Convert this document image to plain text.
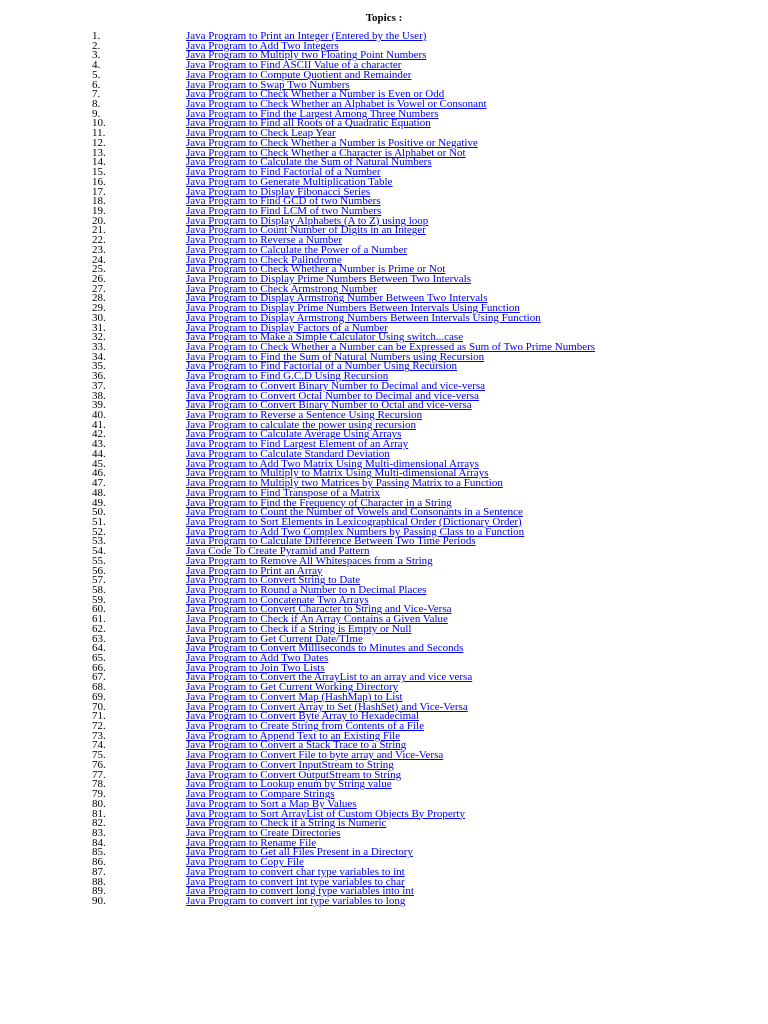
Topics :
1.	Java Program to Print an Integer (Entered by the User)
2.	Java Program to Add Two Integers
3.	Java Program to Multiply two Floating Point Numbers
4.	Java Program to Find ASCII Value of a character
5.	Java Program to Compute Quotient and Remainder
6.	Java Program to Swap Two Numbers
7.	Java Program to Check Whether a Number is Even or Odd
8.	Java Program to Check Whether an Alphabet is Vowel or Consonant
9.	Java Program to Find the Largest Among Three Numbers
10.	Java Program to Find all Roots of a Quadratic Equation
11.	Java Program to Check Leap Year
12.	Java Program to Check Whether a Number is Positive or Negative
13.	Java Program to Check Whether a Character is Alphabet or Not
14.	Java Program to Calculate the Sum of Natural Numbers
15.	Java Program to Find Factorial of a Number
16.	Java Program to Generate Multiplication Table
17.	Java Program to Display Fibonacci Series
18.	Java Program to Find GCD of two Numbers
19.	Java Program to Find LCM of two Numbers
20.	Java Program to Display Alphabets (A to Z) using loop
21.	Java Program to Count Number of Digits in an Integer
22.	Java Program to Reverse a Number
23.	Java Program to Calculate the Power of a Number
24.	Java Program to Check Palindrome
25.	Java Program to Check Whether a Number is Prime or Not
26.	Java Program to Display Prime Numbers Between Two Intervals
27.	Java Program to Check Armstrong Number
28.	Java Program to Display Armstrong Number Between Two Intervals
29.	Java Program to Display Prime Numbers Between Intervals Using Function
30.	Java Program to Display Armstrong Numbers Between Intervals Using Function
31.	Java Program to Display Factors of a Number
32.	Java Program to Make a Simple Calculator Using switch...case
33.	Java Program to Check Whether a Number can be Expressed as Sum of Two Prime Numbers
34.	Java Program to Find the Sum of Natural Numbers using Recursion
35.	Java Program to Find Factorial of a Number Using Recursion
36.	Java Program to Find G.C.D Using Recursion
37.	Java Program to Convert Binary Number to Decimal and vice-versa
38.	Java Program to Convert Octal Number to Decimal and vice-versa
39.	Java Program to Convert Binary Number to Octal and vice-versa
40.	Java Program to Reverse a Sentence Using Recursion
41.	Java Program to calculate the power using recursion
42.	Java Program to Calculate Average Using Arrays
43.	Java Program to Find Largest Element of an Array
44.	Java Program to Calculate Standard Deviation
45.	Java Program to Add Two Matrix Using Multi-dimensional Arrays
46.	Java Program to Multiply to Matrix Using Multi-dimensional Arrays
47.	Java Program to Multiply two Matrices by Passing Matrix to a Function
48.	Java Program to Find Transpose of a Matrix
49.	Java Program to Find the Frequency of Character in a String
50.	Java Program to Count the Number of Vowels and Consonants in a Sentence
51.	Java Program to Sort Elements in Lexicographical Order (Dictionary Order)
52.	Java Program to Add Two Complex Numbers by Passing Class to a Function
53.	Java Program to Calculate Difference Between Two Time Periods
54.	Java Code To Create Pyramid and Pattern
55.	Java Program to Remove All Whitespaces from a String
56.	Java Program to Print an Array
57.	Java Program to Convert String to Date
58.	Java Program to Round a Number to n Decimal Places
59.	Java Program to Concatenate Two Arrays
60.	Java Program to Convert Character to String and Vice-Versa
61.	Java Program to Check if An Array Contains a Given Value
62.	Java Program to Check if a String is Empty or Null
63.	Java Program to Get Current Date/TIme
64.	Java Program to Convert Milliseconds to Minutes and Seconds
65.	Java Program to Add Two Dates
66.	Java Program to Join Two Lists
67.	Java Program to Convert the ArrayList to an array and vice versa
68.	Java Program to Get Current Working Directory
69.	Java Program to Convert Map (HashMap) to List
70.	Java Program to Convert Array to Set (HashSet) and Vice-Versa
71.	Java Program to Convert Byte Array to Hexadecimal
72.	Java Program to Create String from Contents of a File
73.	Java Program to Append Text to an Existing File
74.	Java Program to Convert a Stack Trace to a String
75.	Java Program to Convert File to byte array and Vice-Versa
76.	Java Program to Convert InputStream to String
77.	Java Program to Convert OutputStream to String
78.	Java Program to Lookup enum by String value
79.	Java Program to Compare Strings
80.	Java Program to Sort a Map By Values
81.	Java Program to Sort ArrayList of Custom Objects By Property
82.	Java Program to Check if a String is Numeric
83.	Java Program to Create Directories
84.	Java Program to Rename File
85.	Java Program to Get all Files Present in a Directory
86.	Java Program to Copy File
87.	Java Program to convert char type variables to int
88.	Java Program to convert int type variables to char
89.	Java Program to convert long type variables into int
90.	Java Program to convert int type variables to long
